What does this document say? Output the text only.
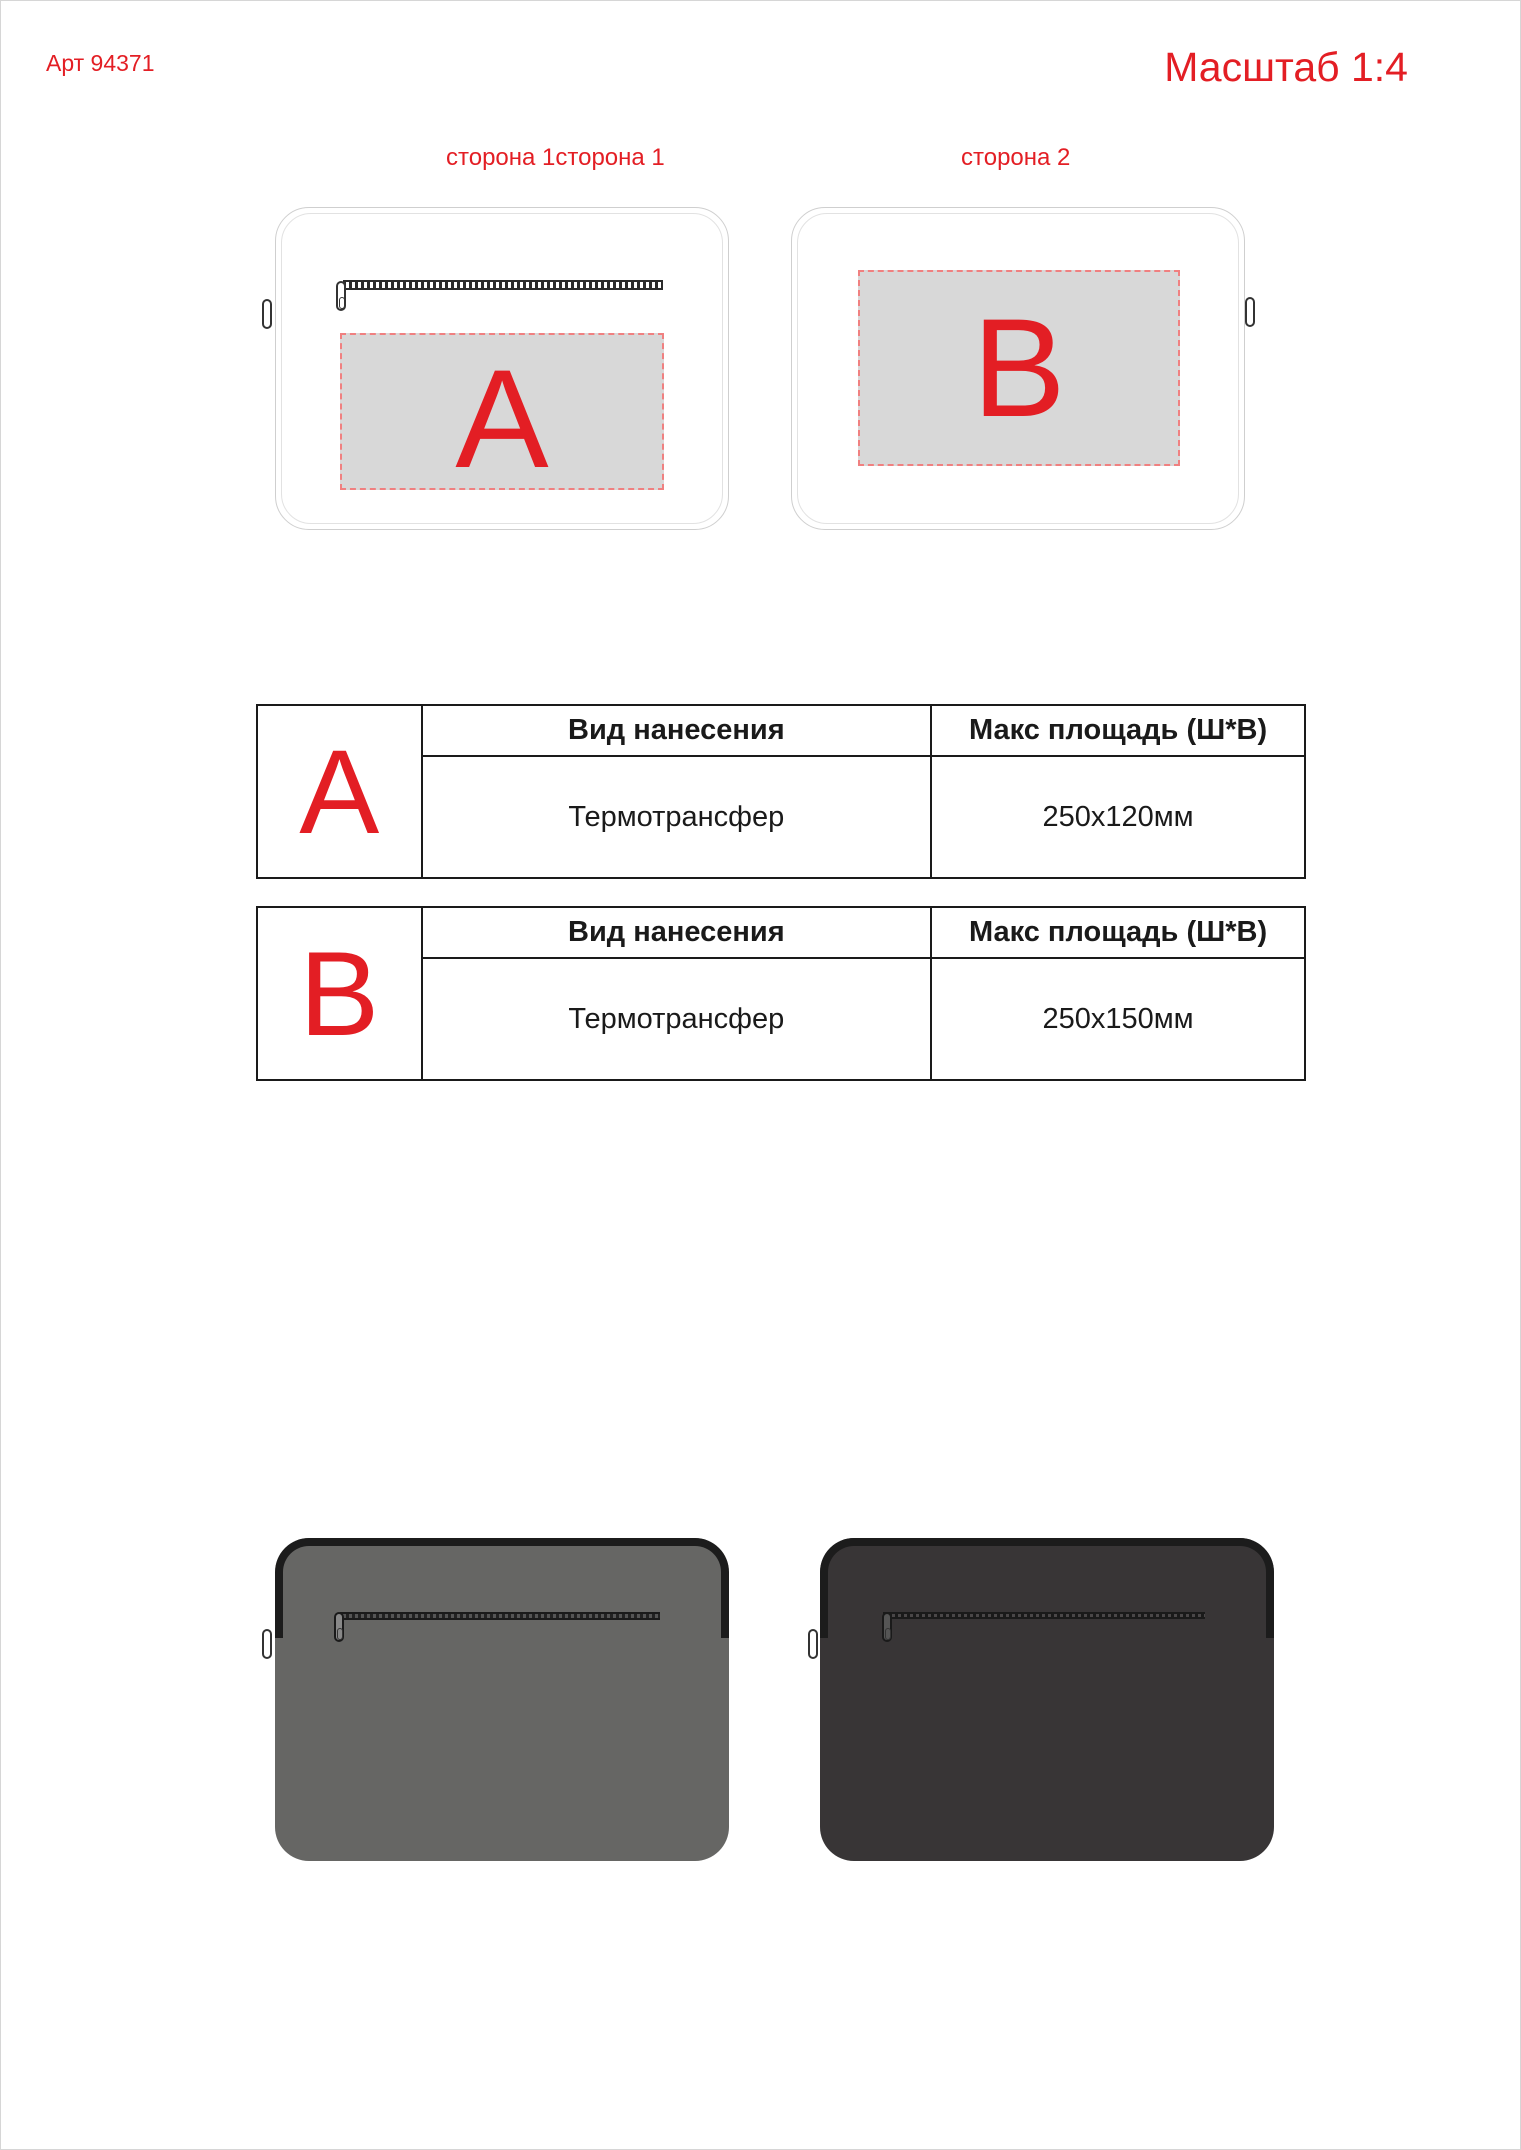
Арт 94371	Масштаб 1:4
сторона 1сторона 1	сторона 2
A	B
A	Вид нанесения	Макс площадь (Ш*В)
	Термотрансфер	250х120мм
B	Вид нанесения	Макс площадь (Ш*В)
	Термотрансфер	250х150мм
